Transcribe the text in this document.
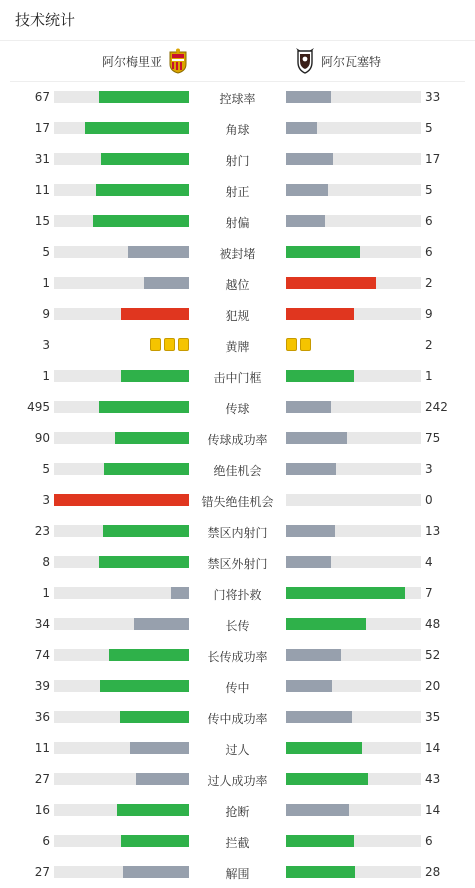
技术统计
阿尔梅里亚	阿尔瓦塞特
67	控球率	33
17	角球	5
31	射门	17
11	射正	5
15	射偏	6
5	被封堵	6
1	越位	2
9	犯规	9
3	黄牌	2
1	击中门框	1
495	传球	242
90	传球成功率	75
5	绝佳机会	3
3	错失绝佳机会	0
23	禁区内射门	13
8	禁区外射门	4
1	门将扑救	7
34	长传	48
74	长传成功率	52
39	传中	20
36	传中成功率	35
11	过人	14
27	过人成功率	43
16	抢断	14
6	拦截	6
27	解围	28
